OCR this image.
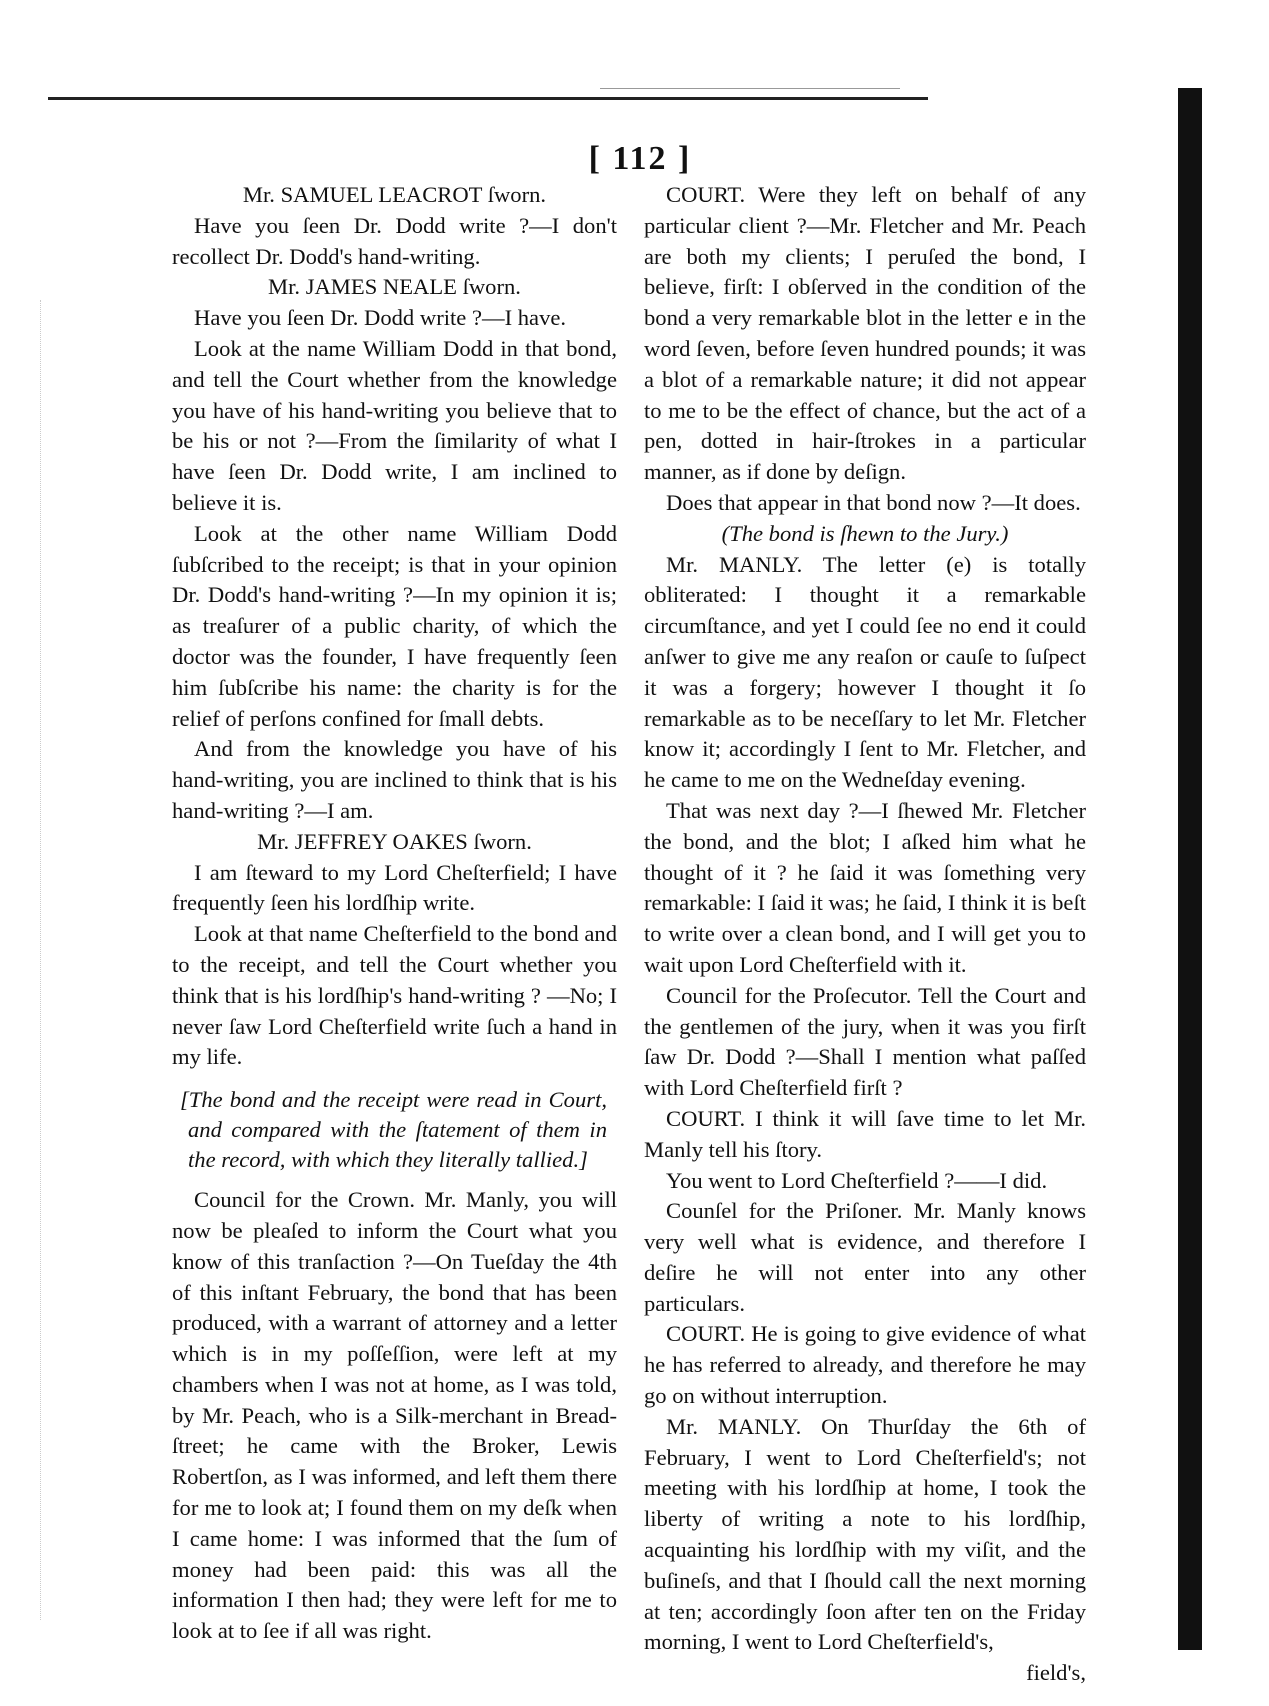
[ 112 ]

Mr. SAMUEL LEACROT ſworn.

Have you ſeen Dr. Dodd write ?—I don't recollect Dr. Dodd's hand-writing.

Mr. JAMES NEALE ſworn.

Have you ſeen Dr. Dodd write ?—I have.

Look at the name William Dodd in that bond, and tell the Court whether from the knowledge you have of his hand-writing you believe that to be his or not ?—From the ſimilarity of what I have ſeen Dr. Dodd write, I am inclined to believe it is.

Look at the other name William Dodd ſubſcribed to the receipt; is that in your opinion Dr. Dodd's hand-writing ?—In my opinion it is; as treaſurer of a public charity, of which the doctor was the founder, I have frequently ſeen him ſubſcribe his name: the charity is for the relief of perſons confined for ſmall debts.

And from the knowledge you have of his hand-writing, you are inclined to think that is his hand-writing ?—I am.

Mr. JEFFREY OAKES ſworn.

I am ſteward to my Lord Cheſterfield; I have frequently ſeen his lordſhip write.

Look at that name Cheſterfield to the bond and to the receipt, and tell the Court whether you think that is his lordſhip's hand-writing ? —No; I never ſaw Lord Cheſterfield write ſuch a hand in my life.

[The bond and the receipt were read in Court, and compared with the ſtatement of them in the record, with which they literally tallied.]

Council for the Crown. Mr. Manly, you will now be pleaſed to inform the Court what you know of this tranſaction ?—On Tueſday the 4th of this inſtant February, the bond that has been produced, with a warrant of attorney and a letter which is in my poſſeſſion, were left at my chambers when I was not at home, as I was told, by Mr. Peach, who is a Silk-merchant in Bread-ſtreet; he came with the Broker, Lewis Robertſon, as I was informed, and left them there for me to look at; I found them on my deſk when I came home: I was informed that the ſum of money had been paid: this was all the information I then had; they were left for me to look at to ſee if all was right.

COURT. Were they left on behalf of any particular client ?—Mr. Fletcher and Mr. Peach are both my clients; I peruſed the bond, I believe, firſt: I obſerved in the condition of the bond a very remarkable blot in the letter e in the word ſeven, before ſeven hundred pounds; it was a blot of a remarkable nature; it did not appear to me to be the effect of chance, but the act of a pen, dotted in hair-ſtrokes in a particular manner, as if done by deſign.

Does that appear in that bond now ?—It does.

(The bond is ſhewn to the Jury.)

Mr. MANLY. The letter (e) is totally obliterated: I thought it a remarkable circumſtance, and yet I could ſee no end it could anſwer to give me any reaſon or cauſe to ſuſpect it was a forgery; however I thought it ſo remarkable as to be neceſſary to let Mr. Fletcher know it; accordingly I ſent to Mr. Fletcher, and he came to me on the Wedneſday evening.

That was next day ?—I ſhewed Mr. Fletcher the bond, and the blot; I aſked him what he thought of it ? he ſaid it was ſomething very remarkable: I ſaid it was; he ſaid, I think it is beſt to write over a clean bond, and I will get you to wait upon Lord Cheſterfield with it.

Council for the Proſecutor. Tell the Court and the gentlemen of the jury, when it was you firſt ſaw Dr. Dodd ?—Shall I mention what paſſed with Lord Cheſterfield firſt ?

COURT. I think it will ſave time to let Mr. Manly tell his ſtory.

You went to Lord Cheſterfield ?——I did.

Counſel for the Priſoner. Mr. Manly knows very well what is evidence, and therefore I deſire he will not enter into any other particulars.

COURT. He is going to give evidence of what he has referred to already, and therefore he may go on without interruption.

Mr. MANLY. On Thurſday the 6th of February, I went to Lord Cheſterfield's; not meeting with his lordſhip at home, I took the liberty of writing a note to his lordſhip, acquainting his lordſhip with my viſit, and the buſineſs, and that I ſhould call the next morning at ten; accordingly ſoon after ten on the Friday morning, I went to Lord Cheſterfield's,

field's,
